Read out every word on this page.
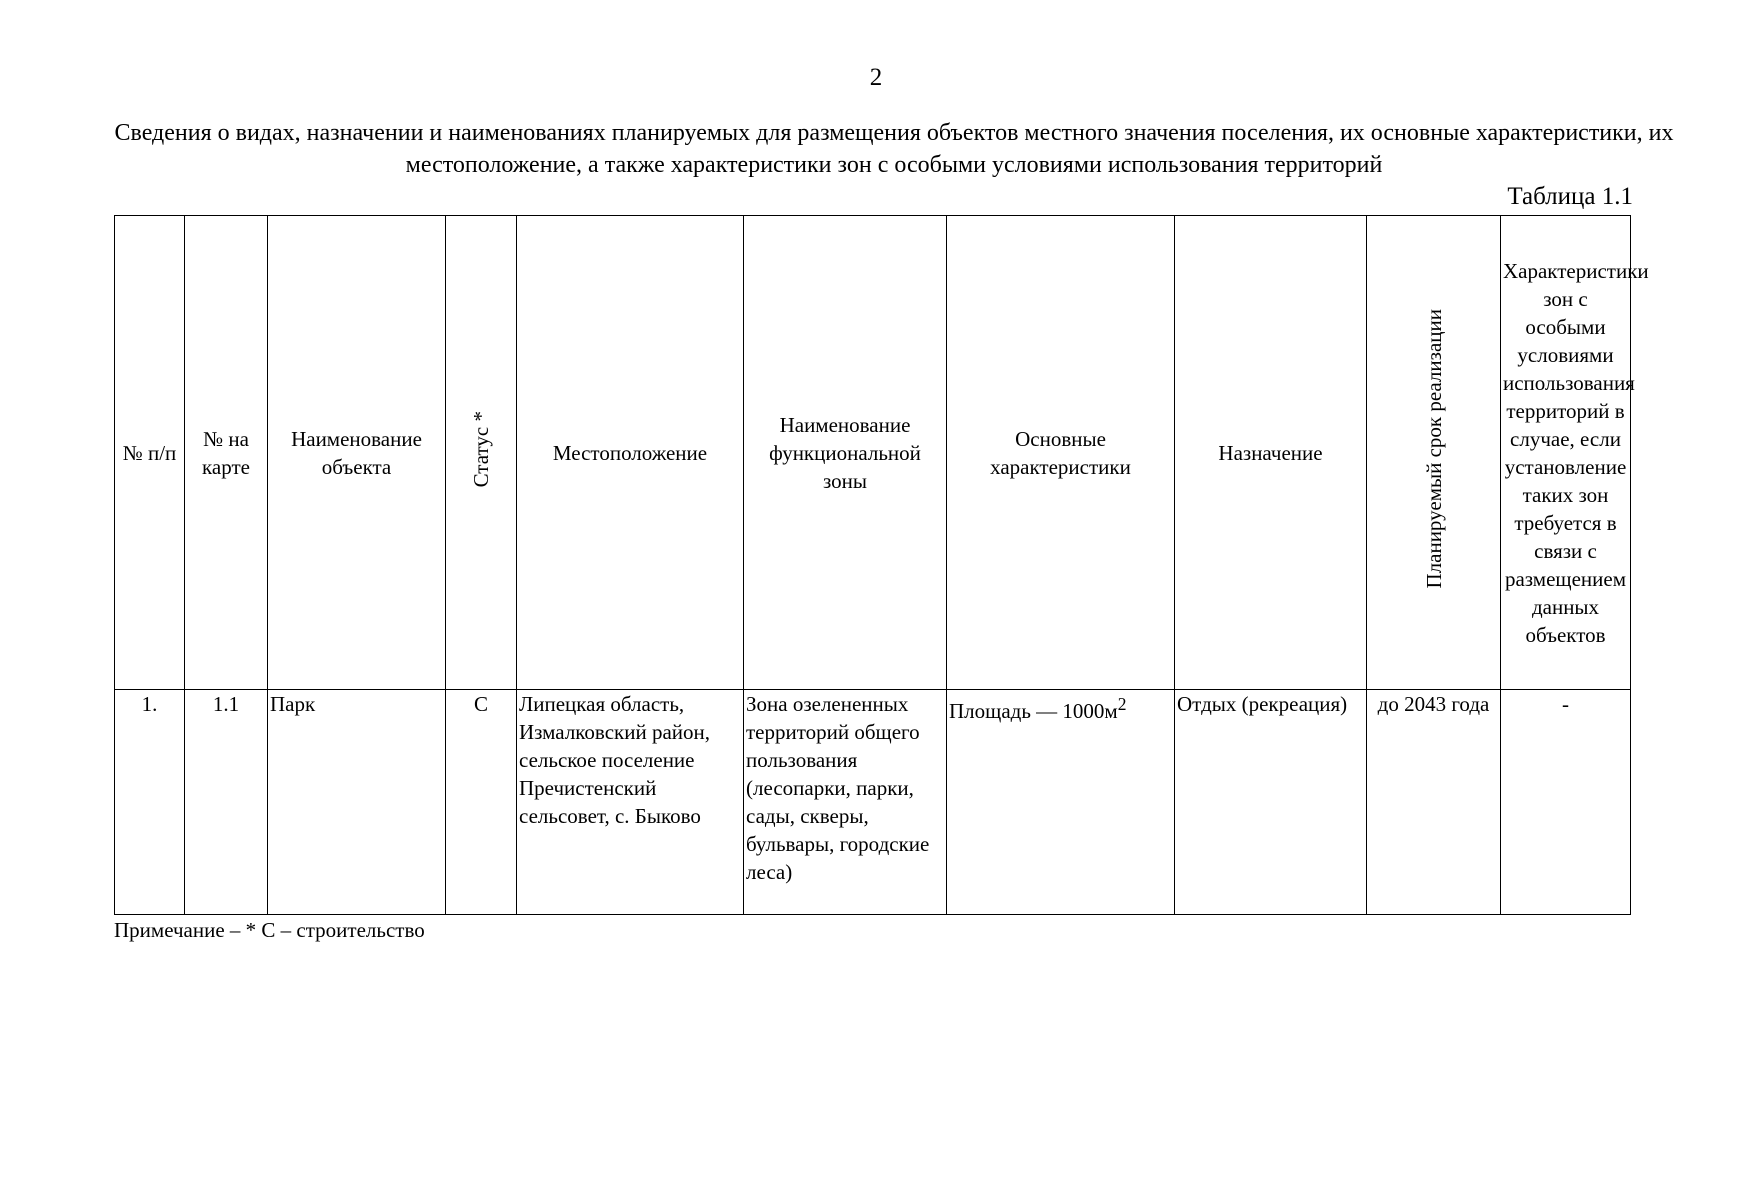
2
Сведения о видах, назначении и наименованиях планируемых для размещения объектов местного значения поселения, их основные характеристики, их местоположение, а также характеристики зон с особыми условиями использования территорий
Таблица 1.1
№ п/п	№ на карте	Наименование объекта	Статус *	Местоположение	Наименование функциональной зоны	Основные характеристики	Назначение	Планируемый срок реализации	Характеристики зон с особыми условиями использования территорий в случае, если установление таких зон требуется в связи с размещением данных объектов
1.	1.1	Парк	С	Липецкая область, Измалковский район, сельское поселение Пречистенский сельсовет, с. Быково	Зона озелененных территорий общего пользования (лесопарки, парки, сады, скверы, бульвары, городские леса)	Площадь — $1000м^2$	Отдых (рекреация)	до 2043 года	-
Примечание – * С – строительство
